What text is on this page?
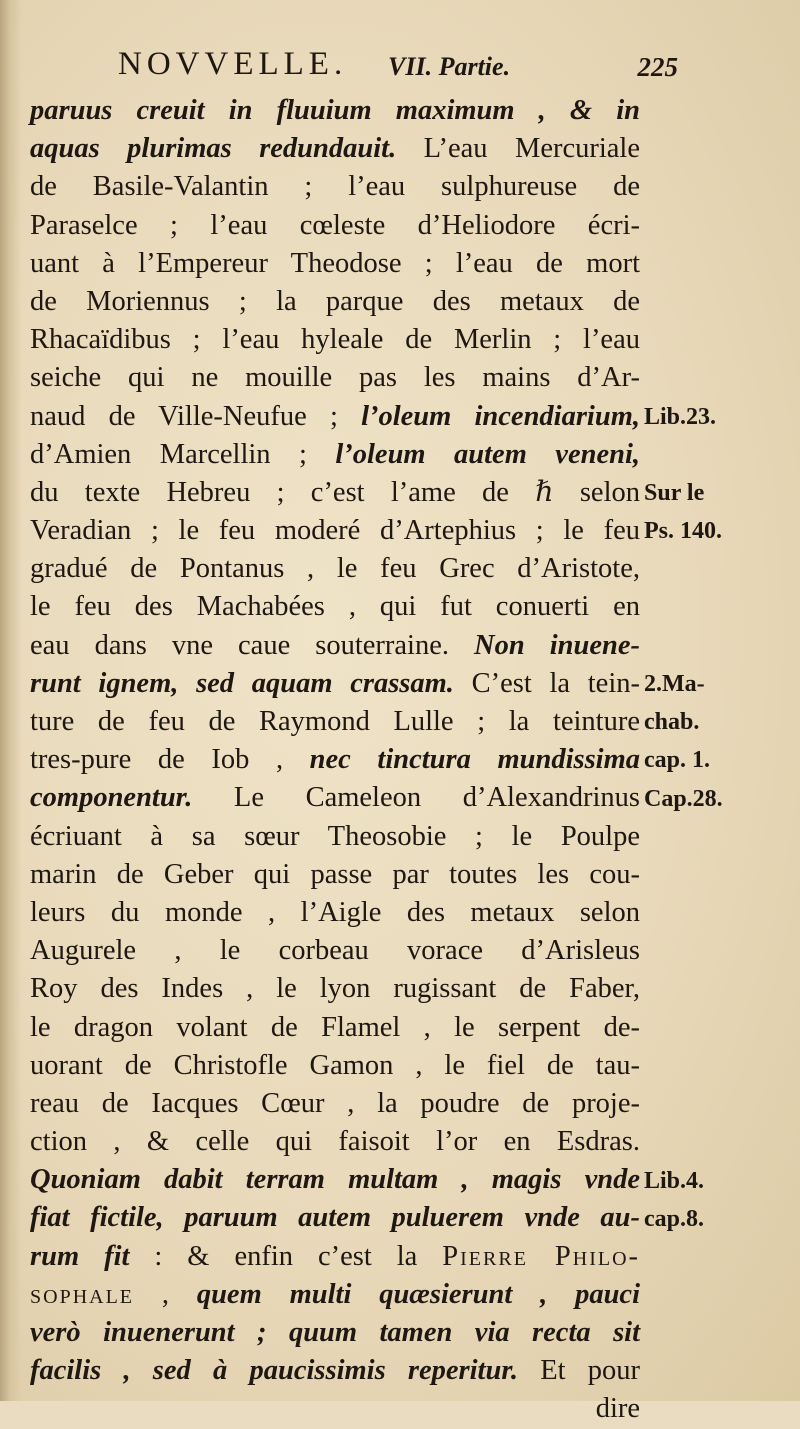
NOVVELLE. VII. Partie.	225
paruus creuit in fluuium maximum , & in
aquas plurimas redundauit. L’eau Mercuriale
de Basile-Valantin ; l’eau sulphureuse de
Paraselce ; l’eau cœleste d’Heliodore écri-
uant à l’Empereur Theodose ; l’eau de mort
de Moriennus ; la parque des metaux de
Rhacaïdibus ; l’eau hyleale de Merlin ; l’eau
seiche qui ne mouille pas les mains d’Ar-
naud de Ville-Neufue ; l’oleum incendiarium,
d’Amien Marcellin ; l’oleum autem veneni,
du texte Hebreu ; c’est l’ame de ℏ selon
Veradian ; le feu moderé d’Artephius ; le feu
gradué de Pontanus , le feu Grec d’Aristote,
le feu des Machabées , qui fut conuerti en
eau dans vne caue souterraine. Non inuene-
runt ignem, sed aquam crassam. C’est la tein-
ture de feu de Raymond Lulle ; la teinture
tres-pure de Iob , nec tinctura mundissima
componentur. Le Cameleon d’Alexandrinus
écriuant à sa sœur Theosobie ; le Poulpe
marin de Geber qui passe par toutes les cou-
leurs du monde , l’Aigle des metaux selon
Augurele , le corbeau vorace d’Arisleus
Roy des Indes , le lyon rugissant de Faber,
le dragon volant de Flamel , le serpent de-
uorant de Christofle Gamon , le fiel de tau-
reau de Iacques Cœur , la poudre de proje-
ction , & celle qui faisoit l’or en Esdras.
Quoniam dabit terram multam , magis vnde
fiat fictile, paruum autem puluerem vnde au-
rum fit : & enfin c’est la Pierre Philo-
sophale , quem multi quæsierunt , pauci
verò inuenerunt ; quum tamen via recta sit
facilis , sed à paucissimis reperitur. Et pour
dire
Lib.23.
Sur le
Ps. 140.
2.Ma-
chab.
cap. 1.
Cap.28.
Lib.4.
cap.8.
